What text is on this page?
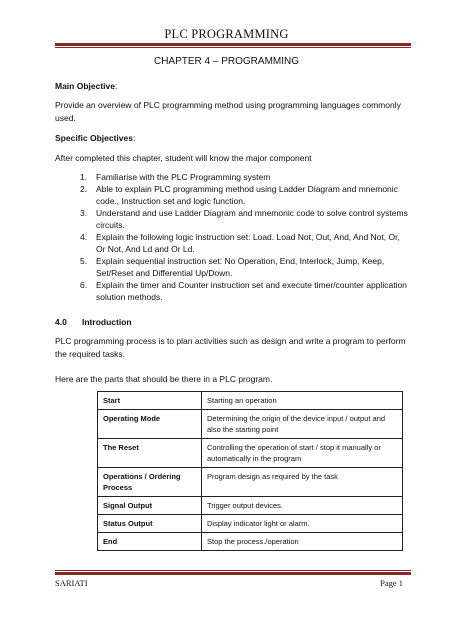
PLC PROGRAMMING
CHAPTER 4 – PROGRAMMING
Main Objective:
Provide an overview of PLC programming method using programming languages commonly used.
Specific Objectives:
After completed this chapter, student will know the major component
1. Familiarise with the PLC Programming system
2. Able to explain PLC programming method using Ladder Diagram and mnemonic code., Instruction set and logic function.
3. Understand and use Ladder Diagram and mnemonic code to solve control systems circuits.
4. Explain the following logic instruction set: Load. Load Not, Out, And, And Not, Or, Or Not, And Ld and Or Ld.
5. Explain sequential instruction set: No Operation, End, Interlock, Jump, Keep, Set/Reset and Differential Up/Down.
6. Explain the timer and Counter instruction set and execute timer/counter application solution methods.
4.0 Introduction
PLC programming process is to plan activities such as design and write a program to perform the required tasks.
Here are the parts that should be there in a PLC program.
Start	Starting an operation
Operating Mode	Determining the origin of the device input / output and also the starting point
The Reset	Controlling the operation of start / stop it manually or automatically in the program
Operations / Ordering Process	Program design as required by the task
Signal Output	Trigger output devices.
Status Output	Display indicator light or alarm.
End	Stop the process./operation
SARIATI	Page 1
